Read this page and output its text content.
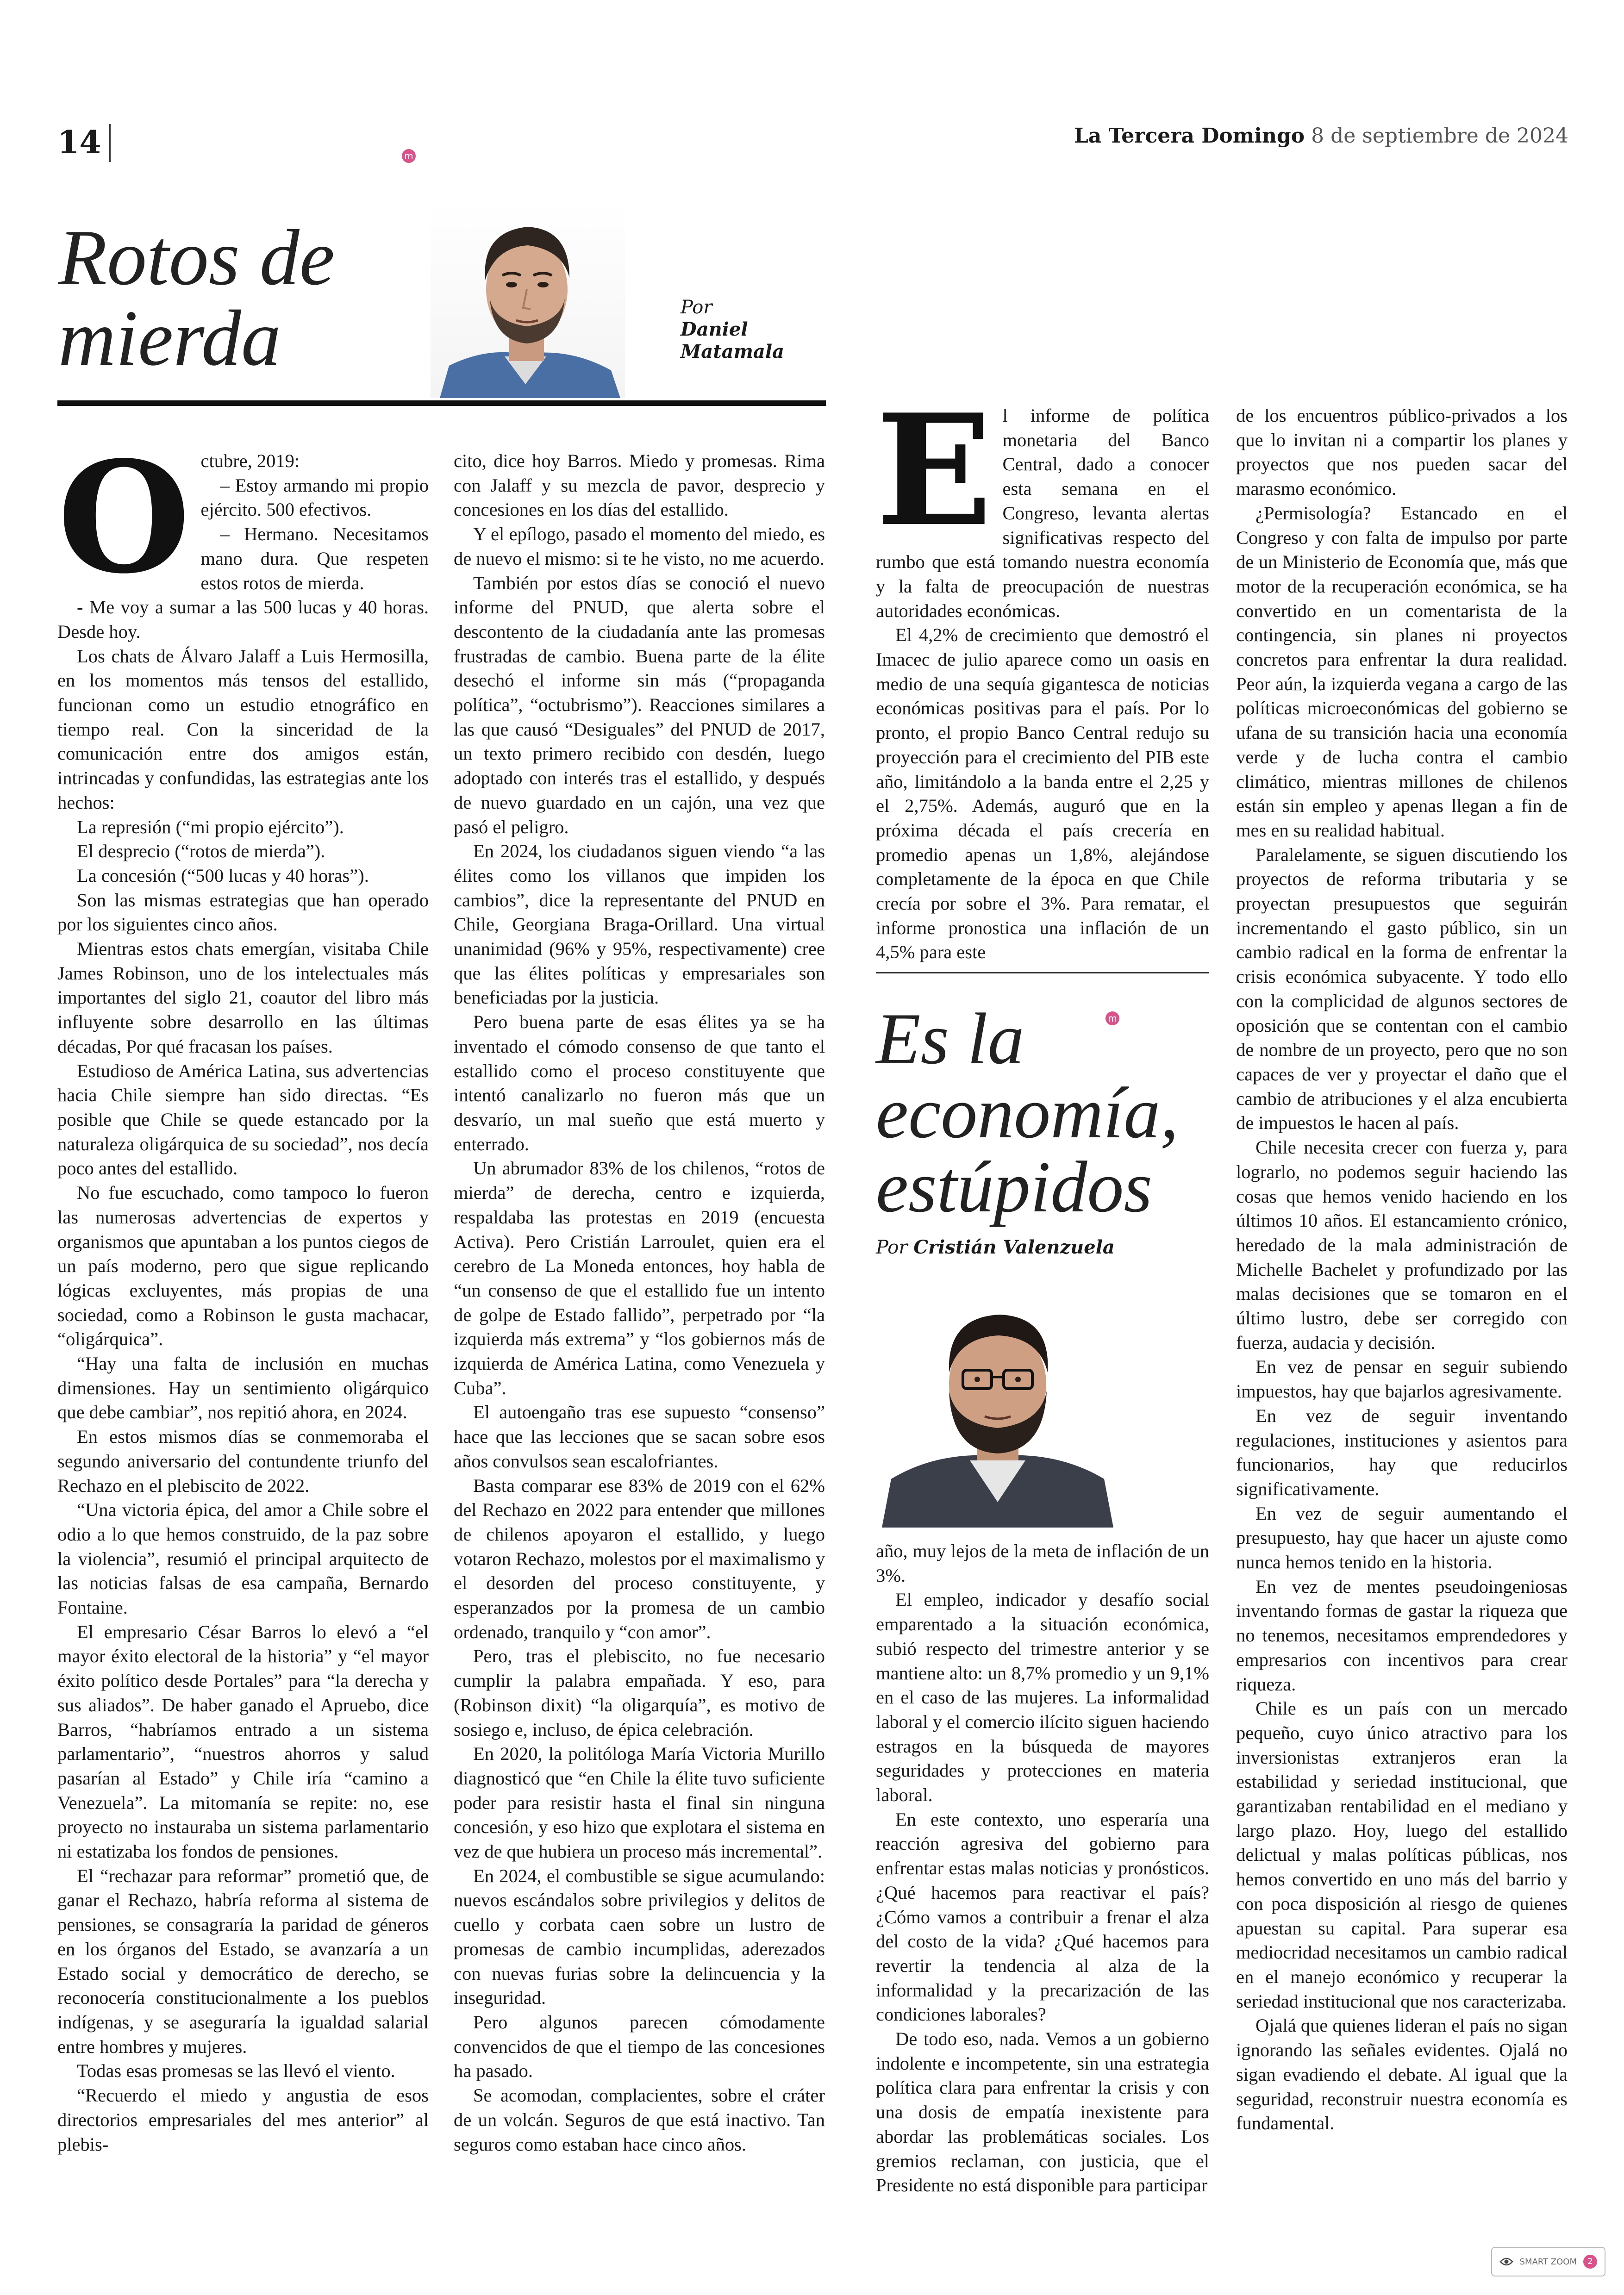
14	La Tercera Domingo 8 de septiembre de 2024
m
m
Rotos de mierda	Por
Daniel Matamala
O ctubre, 2019:

– Estoy armando mi propio ejército. 500 efectivos.

– Hermano. Necesitamos mano dura. Que respeten estos rotos de mierda.

- Me voy a sumar a las 500 lucas y 40 horas. Desde hoy.

Los chats de Álvaro Jalaff a Luis Hermosilla, en los momentos más tensos del estallido, funcionan como un estudio etnográfico en tiempo real. Con la sinceridad de la comunicación entre dos amigos están, intrincadas y confundidas, las estrategias ante los hechos:

La represión (“mi propio ejército”).

El desprecio (“rotos de mierda”).

La concesión (“500 lucas y 40 horas”).

Son las mismas estrategias que han operado por los siguientes cinco años.

Mientras estos chats emergían, visitaba Chile James Robinson, uno de los intelectuales más importantes del siglo 21, coautor del libro más influyente sobre desarrollo en las últimas décadas, Por qué fracasan los países.

Estudioso de América Latina, sus advertencias hacia Chile siempre han sido directas. “Es posible que Chile se quede estancado por la naturaleza oligárquica de su sociedad”, nos decía poco antes del estallido.

No fue escuchado, como tampoco lo fueron las numerosas advertencias de expertos y organismos que apuntaban a los puntos ciegos de un país moderno, pero que sigue replicando lógicas excluyentes, más propias de una sociedad, como a Robinson le gusta machacar, “oligárquica”.

“Hay una falta de inclusión en muchas dimensiones. Hay un sentimiento oligárquico que debe cambiar”, nos repitió ahora, en 2024.

En estos mismos días se conmemoraba el segundo aniversario del contundente triunfo del Rechazo en el plebiscito de 2022.

“Una victoria épica, del amor a Chile sobre el odio a lo que hemos construido, de la paz sobre la violencia”, resumió el principal arquitecto de las noticias falsas de esa campaña, Bernardo Fontaine.

El empresario César Barros lo elevó a “el mayor éxito electoral de la historia” y “el mayor éxito político desde Portales” para “la derecha y sus aliados”. De haber ganado el Apruebo, dice Barros, “habríamos entrado a un sistema parlamentario”, “nuestros ahorros y salud pasarían al Estado” y Chile iría “camino a Venezuela”. La mitomanía se repite: no, ese proyecto no instauraba un sistema parlamentario ni estatizaba los fondos de pensiones.

El “rechazar para reformar” prometió que, de ganar el Rechazo, habría reforma al sistema de pensiones, se consagraría la paridad de géneros en los órganos del Estado, se avanzaría a un Estado social y democrático de derecho, se reconocería constitucionalmente a los pueblos indígenas, y se aseguraría la igualdad salarial entre hombres y mujeres.

Todas esas promesas se las llevó el viento.

“Recuerdo el miedo y angustia de esos directorios empresariales del mes anterior” al plebis-

cito, dice hoy Barros. Miedo y promesas. Rima con Jalaff y su mezcla de pavor, desprecio y concesiones en los días del estallido.

Y el epílogo, pasado el momento del miedo, es de nuevo el mismo: si te he visto, no me acuerdo.

También por estos días se conoció el nuevo informe del PNUD, que alerta sobre el descontento de la ciudadanía ante las promesas frustradas de cambio. Buena parte de la élite desechó el informe sin más (“propaganda política”, “octubrismo”). Reacciones similares a las que causó “Desiguales” del PNUD de 2017, un texto primero recibido con desdén, luego adoptado con interés tras el estallido, y después de nuevo guardado en un cajón, una vez que pasó el peligro.

En 2024, los ciudadanos siguen viendo “a las élites como los villanos que impiden los cambios”, dice la representante del PNUD en Chile, Georgiana Braga-Orillard. Una virtual unanimidad (96% y 95%, respectivamente) cree que las élites políticas y empresariales son beneficiadas por la justicia.

Pero buena parte de esas élites ya se ha inventado el cómodo consenso de que tanto el estallido como el proceso constituyente que intentó canalizarlo no fueron más que un desvarío, un mal sueño que está muerto y enterrado.

Un abrumador 83% de los chilenos, “rotos de mierda” de derecha, centro e izquierda, respaldaba las protestas en 2019 (encuesta Activa). Pero Cristián Larroulet, quien era el cerebro de La Moneda entonces, hoy habla de “un consenso de que el estallido fue un intento de golpe de Estado fallido”, perpetrado por “la izquierda más extrema” y “los gobiernos más de izquierda de América Latina, como Venezuela y Cuba”.

El autoengaño tras ese supuesto “consenso” hace que las lecciones que se sacan sobre esos años convulsos sean escalofriantes.

Basta comparar ese 83% de 2019 con el 62% del Rechazo en 2022 para entender que millones de chilenos apoyaron el estallido, y luego votaron Rechazo, molestos por el maximalismo y el desorden del proceso constituyente, y esperanzados por la promesa de un cambio ordenado, tranquilo y “con amor”.

Pero, tras el plebiscito, no fue necesario cumplir la palabra empañada. Y eso, para (Robinson dixit) “la oligarquía”, es motivo de sosiego e, incluso, de épica celebración.

En 2020, la politóloga María Victoria Murillo diagnosticó que “en Chile la élite tuvo suficiente poder para resistir hasta el final sin ninguna concesión, y eso hizo que explotara el sistema en vez de que hubiera un proceso más incremental”.

En 2024, el combustible se sigue acumulando: nuevos escándalos sobre privilegios y delitos de cuello y corbata caen sobre un lustro de promesas de cambio incumplidas, aderezados con nuevas furias sobre la delincuencia y la inseguridad.

Pero algunos parecen cómodamente convencidos de que el tiempo de las concesiones ha pasado.

Se acomodan, complacientes, sobre el cráter de un volcán. Seguros de que está inactivo. Tan seguros como estaban hace cinco años.

E l informe de política monetaria del Banco Central, dado a conocer esta semana en el Congreso, levanta alertas significativas respecto del rumbo que está tomando nuestra economía y la falta de preocupación de nuestras autoridades económicas.

El 4,2% de crecimiento que demostró el Imacec de julio aparece como un oasis en medio de una sequía gigantesca de noticias económicas positivas para el país. Por lo pronto, el propio Banco Central redujo su proyección para el crecimiento del PIB este año, limitándolo a la banda entre el 2,25 y el 2,75%. Además, auguró que en la próxima década el país crecería en promedio apenas un 1,8%, alejándose completamente de la época en que Chile crecía por sobre el 3%. Para rematar, el informe pronostica una inflación de un 4,5% para este

Es la economía, estúpidos
Por Cristián Valenzuela

año, muy lejos de la meta de inflación de un 3%.

El empleo, indicador y desafío social emparentado a la situación económica, subió respecto del trimestre anterior y se mantiene alto: un 8,7% promedio y un 9,1% en el caso de las mujeres. La informalidad laboral y el comercio ilícito siguen haciendo estragos en la búsqueda de mayores seguridades y protecciones en materia laboral.

En este contexto, uno esperaría una reacción agresiva del gobierno para enfrentar estas malas noticias y pronósticos. ¿Qué hacemos para reactivar el país? ¿Cómo vamos a contribuir a frenar el alza del costo de la vida? ¿Qué hacemos para revertir la tendencia al alza de la informalidad y la precarización de las condiciones laborales?

De todo eso, nada. Vemos a un gobierno indolente e incompetente, sin una estrategia política clara para enfrentar la crisis y con una dosis de empatía inexistente para abordar las problemáticas sociales. Los gremios reclaman, con justicia, que el Presidente no está disponible para participar

de los encuentros público-privados a los que lo invitan ni a compartir los planes y proyectos que nos pueden sacar del marasmo económico.

¿Permisología? Estancado en el Congreso y con falta de impulso por parte de un Ministerio de Economía que, más que motor de la recuperación económica, se ha convertido en un comentarista de la contingencia, sin planes ni proyectos concretos para enfrentar la dura realidad. Peor aún, la izquierda vegana a cargo de las políticas microeconómicas del gobierno se ufana de su transición hacia una economía verde y de lucha contra el cambio climático, mientras millones de chilenos están sin empleo y apenas llegan a fin de mes en su realidad habitual.

Paralelamente, se siguen discutiendo los proyectos de reforma tributaria y se proyectan presupuestos que seguirán incrementando el gasto público, sin un cambio radical en la forma de enfrentar la crisis económica subyacente. Y todo ello con la complicidad de algunos sectores de oposición que se contentan con el cambio de nombre de un proyecto, pero que no son capaces de ver y proyectar el daño que el cambio de atribuciones y el alza encubierta de impuestos le hacen al país.

Chile necesita crecer con fuerza y, para lograrlo, no podemos seguir haciendo las cosas que hemos venido haciendo en los últimos 10 años. El estancamiento crónico, heredado de la mala administración de Michelle Bachelet y profundizado por las malas decisiones que se tomaron en el último lustro, debe ser corregido con fuerza, audacia y decisión.

En vez de pensar en seguir subiendo impuestos, hay que bajarlos agresivamente.

En vez de seguir inventando regulaciones, instituciones y asientos para funcionarios, hay que reducirlos significativamente.

En vez de seguir aumentando el presupuesto, hay que hacer un ajuste como nunca hemos tenido en la historia.

En vez de mentes pseudoingeniosas inventando formas de gastar la riqueza que no tenemos, necesitamos emprendedores y empresarios con incentivos para crear riqueza.

Chile es un país con un mercado pequeño, cuyo único atractivo para los inversionistas extranjeros eran la estabilidad y seriedad institucional, que garantizaban rentabilidad en el mediano y largo plazo. Hoy, luego del estallido delictual y malas políticas públicas, nos hemos convertido en uno más del barrio y con poca disposición al riesgo de quienes apuestan su capital. Para superar esa mediocridad necesitamos un cambio radical en el manejo económico y recuperar la seriedad institucional que nos caracterizaba.

Ojalá que quienes lideran el país no sigan ignorando las señales evidentes. Ojalá no sigan evadiendo el debate. Al igual que la seguridad, reconstruir nuestra economía es fundamental.

SMART ZOOM	2
